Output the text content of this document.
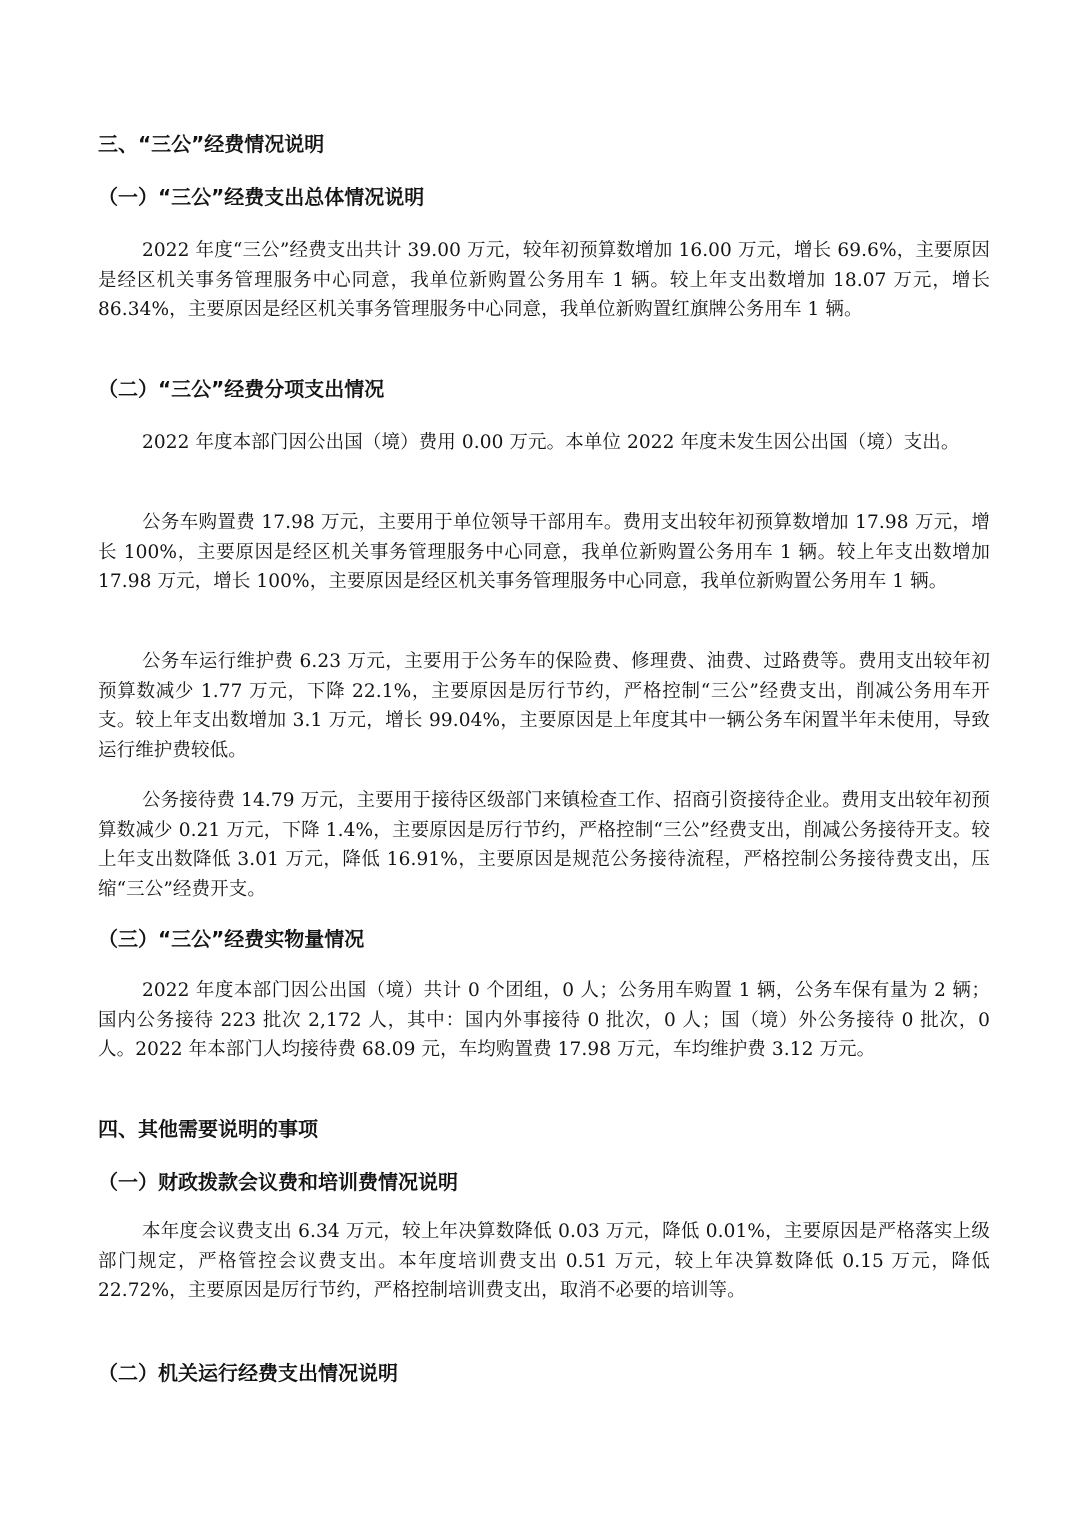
三、“三公”经费情况说明
（一）“三公”经费支出总体情况说明

2022 年度“三公”经费支出共计 39.00 万元，较年初预算数增加 16.00 万元，增长 69.6%，主要原因是经区机关事务管理服务中心同意，我单位新购置公务用车 1 辆。较上年支出数增加 18.07 万元，增长 86.34%，主要原因是经区机关事务管理服务中心同意，我单位新购置红旗牌公务用车 1 辆。

（二）“三公”经费分项支出情况

2022 年度本部门因公出国（境）费用 0.00 万元。本单位 2022 年度未发生因公出国（境）支出。

公务车购置费 17.98 万元，主要用于单位领导干部用车。费用支出较年初预算数增加 17.98 万元，增长 100%，主要原因是经区机关事务管理服务中心同意，我单位新购置公务用车 1 辆。较上年支出数增加 17.98 万元，增长 100%，主要原因是经区机关事务管理服务中心同意，我单位新购置公务用车 1 辆。

公务车运行维护费 6.23 万元，主要用于公务车的保险费、修理费、油费、过路费等。费用支出较年初预算数减少 1.77 万元，下降 22.1%，主要原因是厉行节约，严格控制“三公”经费支出，削减公务用车开支。较上年支出数增加 3.1 万元，增长 99.04%，主要原因是上年度其中一辆公务车闲置半年未使用，导致运行维护费较低。

公务接待费 14.79 万元，主要用于接待区级部门来镇检查工作、招商引资接待企业。费用支出较年初预算数减少 0.21 万元，下降 1.4%，主要原因是厉行节约，严格控制“三公”经费支出，削减公务接待开支。较上年支出数降低 3.01 万元，降低 16.91%，主要原因是规范公务接待流程，严格控制公务接待费支出，压缩“三公”经费开支。

（三）“三公”经费实物量情况

2022 年度本部门因公出国（境）共计 0 个团组，0 人；公务用车购置 1 辆，公务车保有量为 2 辆；国内公务接待 223 批次 2,172 人，其中：国内外事接待 0 批次，0 人；国（境）外公务接待 0 批次，0 人。2022 年本部门人均接待费 68.09 元，车均购置费 17.98 万元，车均维护费 3.12 万元。

四、其他需要说明的事项
（一）财政拨款会议费和培训费情况说明

本年度会议费支出 6.34 万元，较上年决算数降低 0.03 万元，降低 0.01%，主要原因是严格落实上级部门规定，严格管控会议费支出。本年度培训费支出 0.51 万元，较上年决算数降低 0.15 万元，降低 22.72%，主要原因是厉行节约，严格控制培训费支出，取消不必要的培训等。

（二）机关运行经费支出情况说明
